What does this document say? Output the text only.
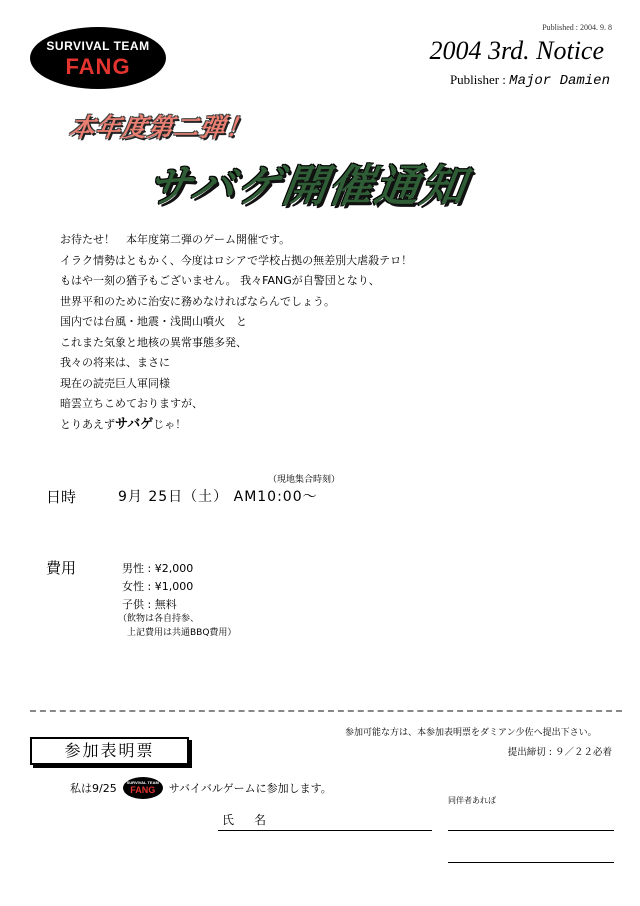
SURVIVAL TEAM
FANG
Published : 2004. 9. 8
2004 3rd. Notice
Publisher : Major Damien
本年度第二弾！
サバゲ開催通知
お待たせ！　本年度第二弾のゲーム開催です。
イラク情勢はともかく、今度はロシアで学校占拠の無差別大虐殺テロ！
もはや一刻の猶予もございません。 我々FANGが自警団となり、
世界平和のために治安に務めなければならんでしょう。
国内では台風・地震・浅間山噴火　と
これまた気象と地核の異常事態多発、
我々の将来は、まさに
現在の読売巨人軍同様
暗雲立ちこめておりますが、
とりあえずサバゲじゃ！
（現地集合時刻）
日時	9月 25日（土） AM10:00～
費用	男性 : ¥2,000
女性 : ¥1,000
子供 : 無料
（飲物は各自持参、
　上記費用は共通BBQ費用）
参加可能な方は、本参加表明票をダミアン少佐へ提出下さい。
参加表明票	提出締切 : ９／２２必着
私は9/25	SURVIVAL TEAM
FANG	サバイバルゲームに参加します。
同伴者あれば
氏　名
